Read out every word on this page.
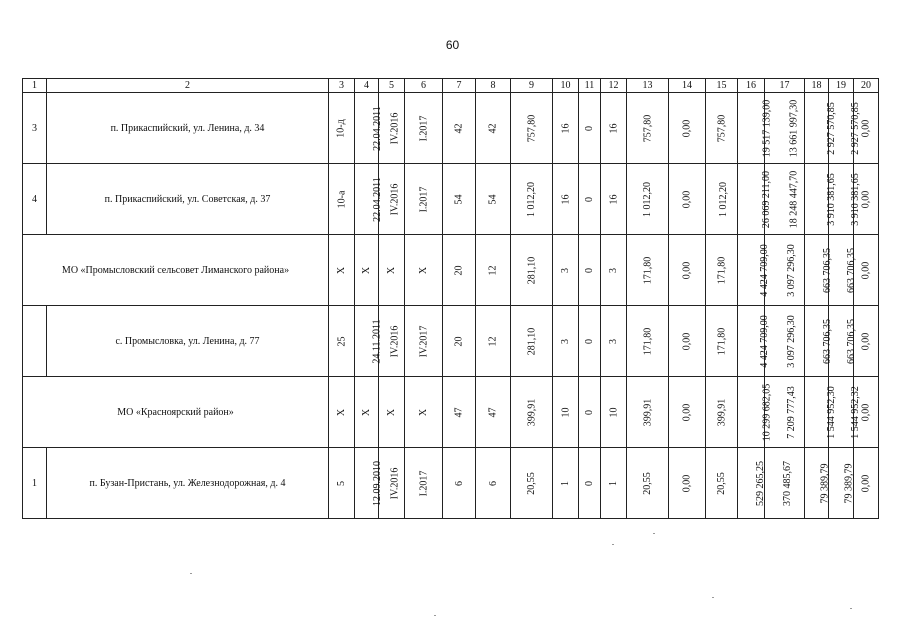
60
1	2	3	4	5	6	7	8	9	10	11	12	13	14	15	16	17	18	19	20
3	п. Прикаспийский, ул. Ленина, д. 34	10-д	22.04.2011	IV.2016	I.2017	42	42	757,80	16	0	16	757,80	0,00	757,80	19 517 139,00	13 661 997,30	2 927 570,85	2 927 570,85	0,00
4	п. Прикаспийский, ул. Советская, д. 37	10-а	22.04.2011	IV.2016	I.2017	54	54	1 012,20	16	0	16	1 012,20	0,00	1 012,20	26 069 211,00	18 248 447,70	3 910 381,65	3 910 381,65	0,00
МО «Промысловский сельсовет Лиманского района»		Х	Х	Х	Х	20	12	281,10	3	0	3	171,80	0,00	171,80	4 424 709,00	3 097 296,30	663 706,35	663 706,35	0,00
	с. Промысловка, ул. Ленина, д. 77	25	24.11.2011	IV.2016	IV.2017	20	12	281,10	3	0	3	171,80	0,00	171,80	4 424 709,00	3 097 296,30	663 706,35	663 706,35	0,00
МО «Красноярский район»		Х	Х	Х	Х	47	47	399,91	10	0	10	399,91	0,00	399,91	10 299 682,05	7 209 777,43	1 544 952,30	1 544 952,32	0,00
1	п. Бузан-Пристань, ул. Железнодорожная, д. 4	5	12.09.2010	IV.2016	I.2017	6	6	20,55	1	0	1	20,55	0,00	20,55	529 265,25	370 485,67	79 389,79	79 389,79	0,00
